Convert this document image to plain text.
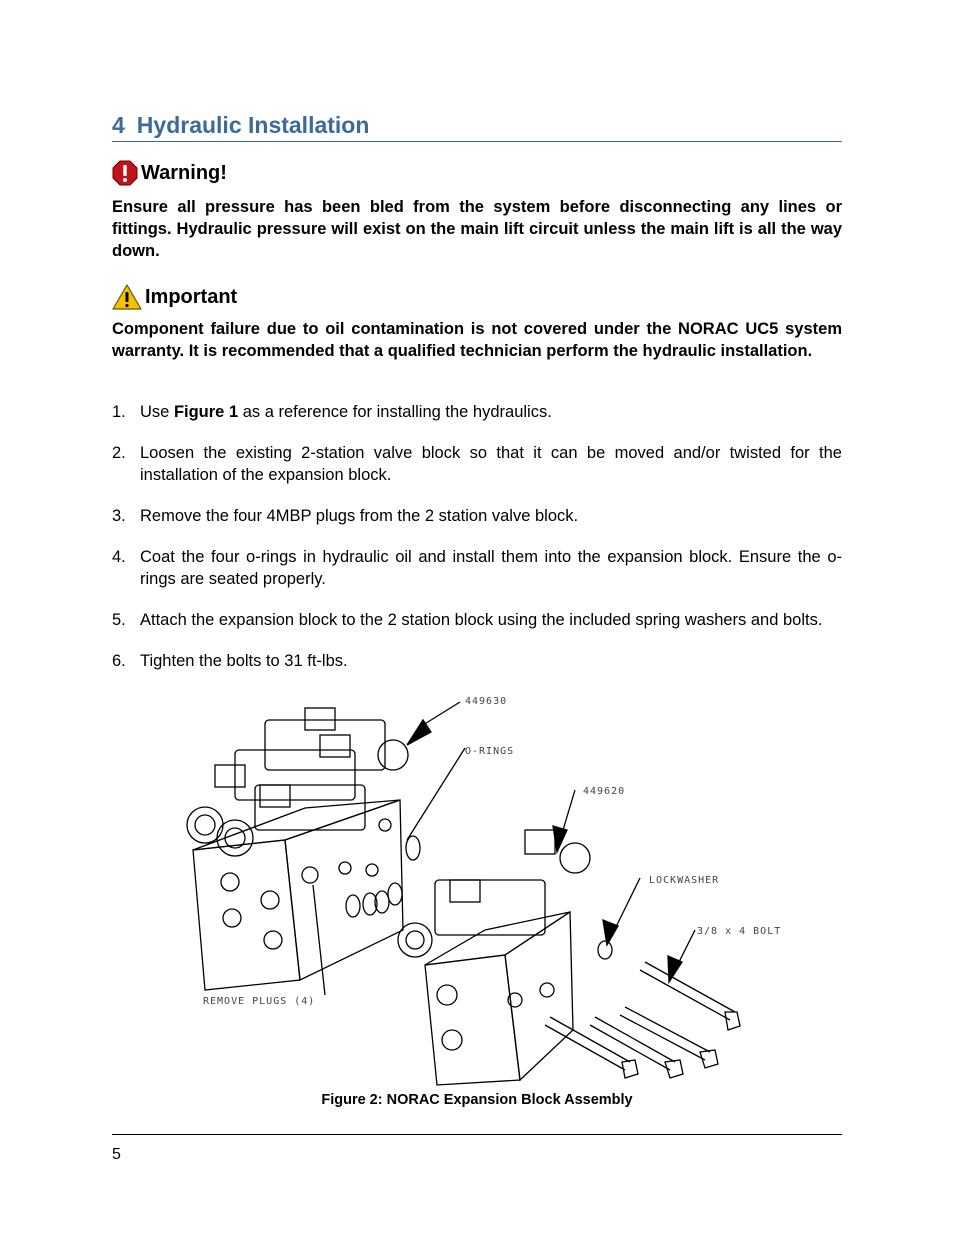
4 Hydraulic Installation
Warning!
Ensure all pressure has been bled from the system before disconnecting any lines or fittings. Hydraulic pressure will exist on the main lift circuit unless the main lift is all the way down.
Important
Component failure due to oil contamination is not covered under the NORAC UC5 system warranty. It is recommended that a qualified technician perform the hydraulic installation.
1. Use Figure 1 as a reference for installing the hydraulics.
2. Loosen the existing 2-station valve block so that it can be moved and/or twisted for the installation of the expansion block.
3. Remove the four 4MBP plugs from the 2 station valve block.
4. Coat the four o-rings in hydraulic oil and install them into the expansion block. Ensure the o-rings are seated properly.
5. Attach the expansion block to the 2 station block using the included spring washers and bolts.
6. Tighten the bolts to 31 ft-lbs.
449630
O-RINGS
449620
LOCKWASHER
3/8 x 4 BOLT
REMOVE PLUGS (4)
Figure 2: NORAC Expansion Block Assembly
5
